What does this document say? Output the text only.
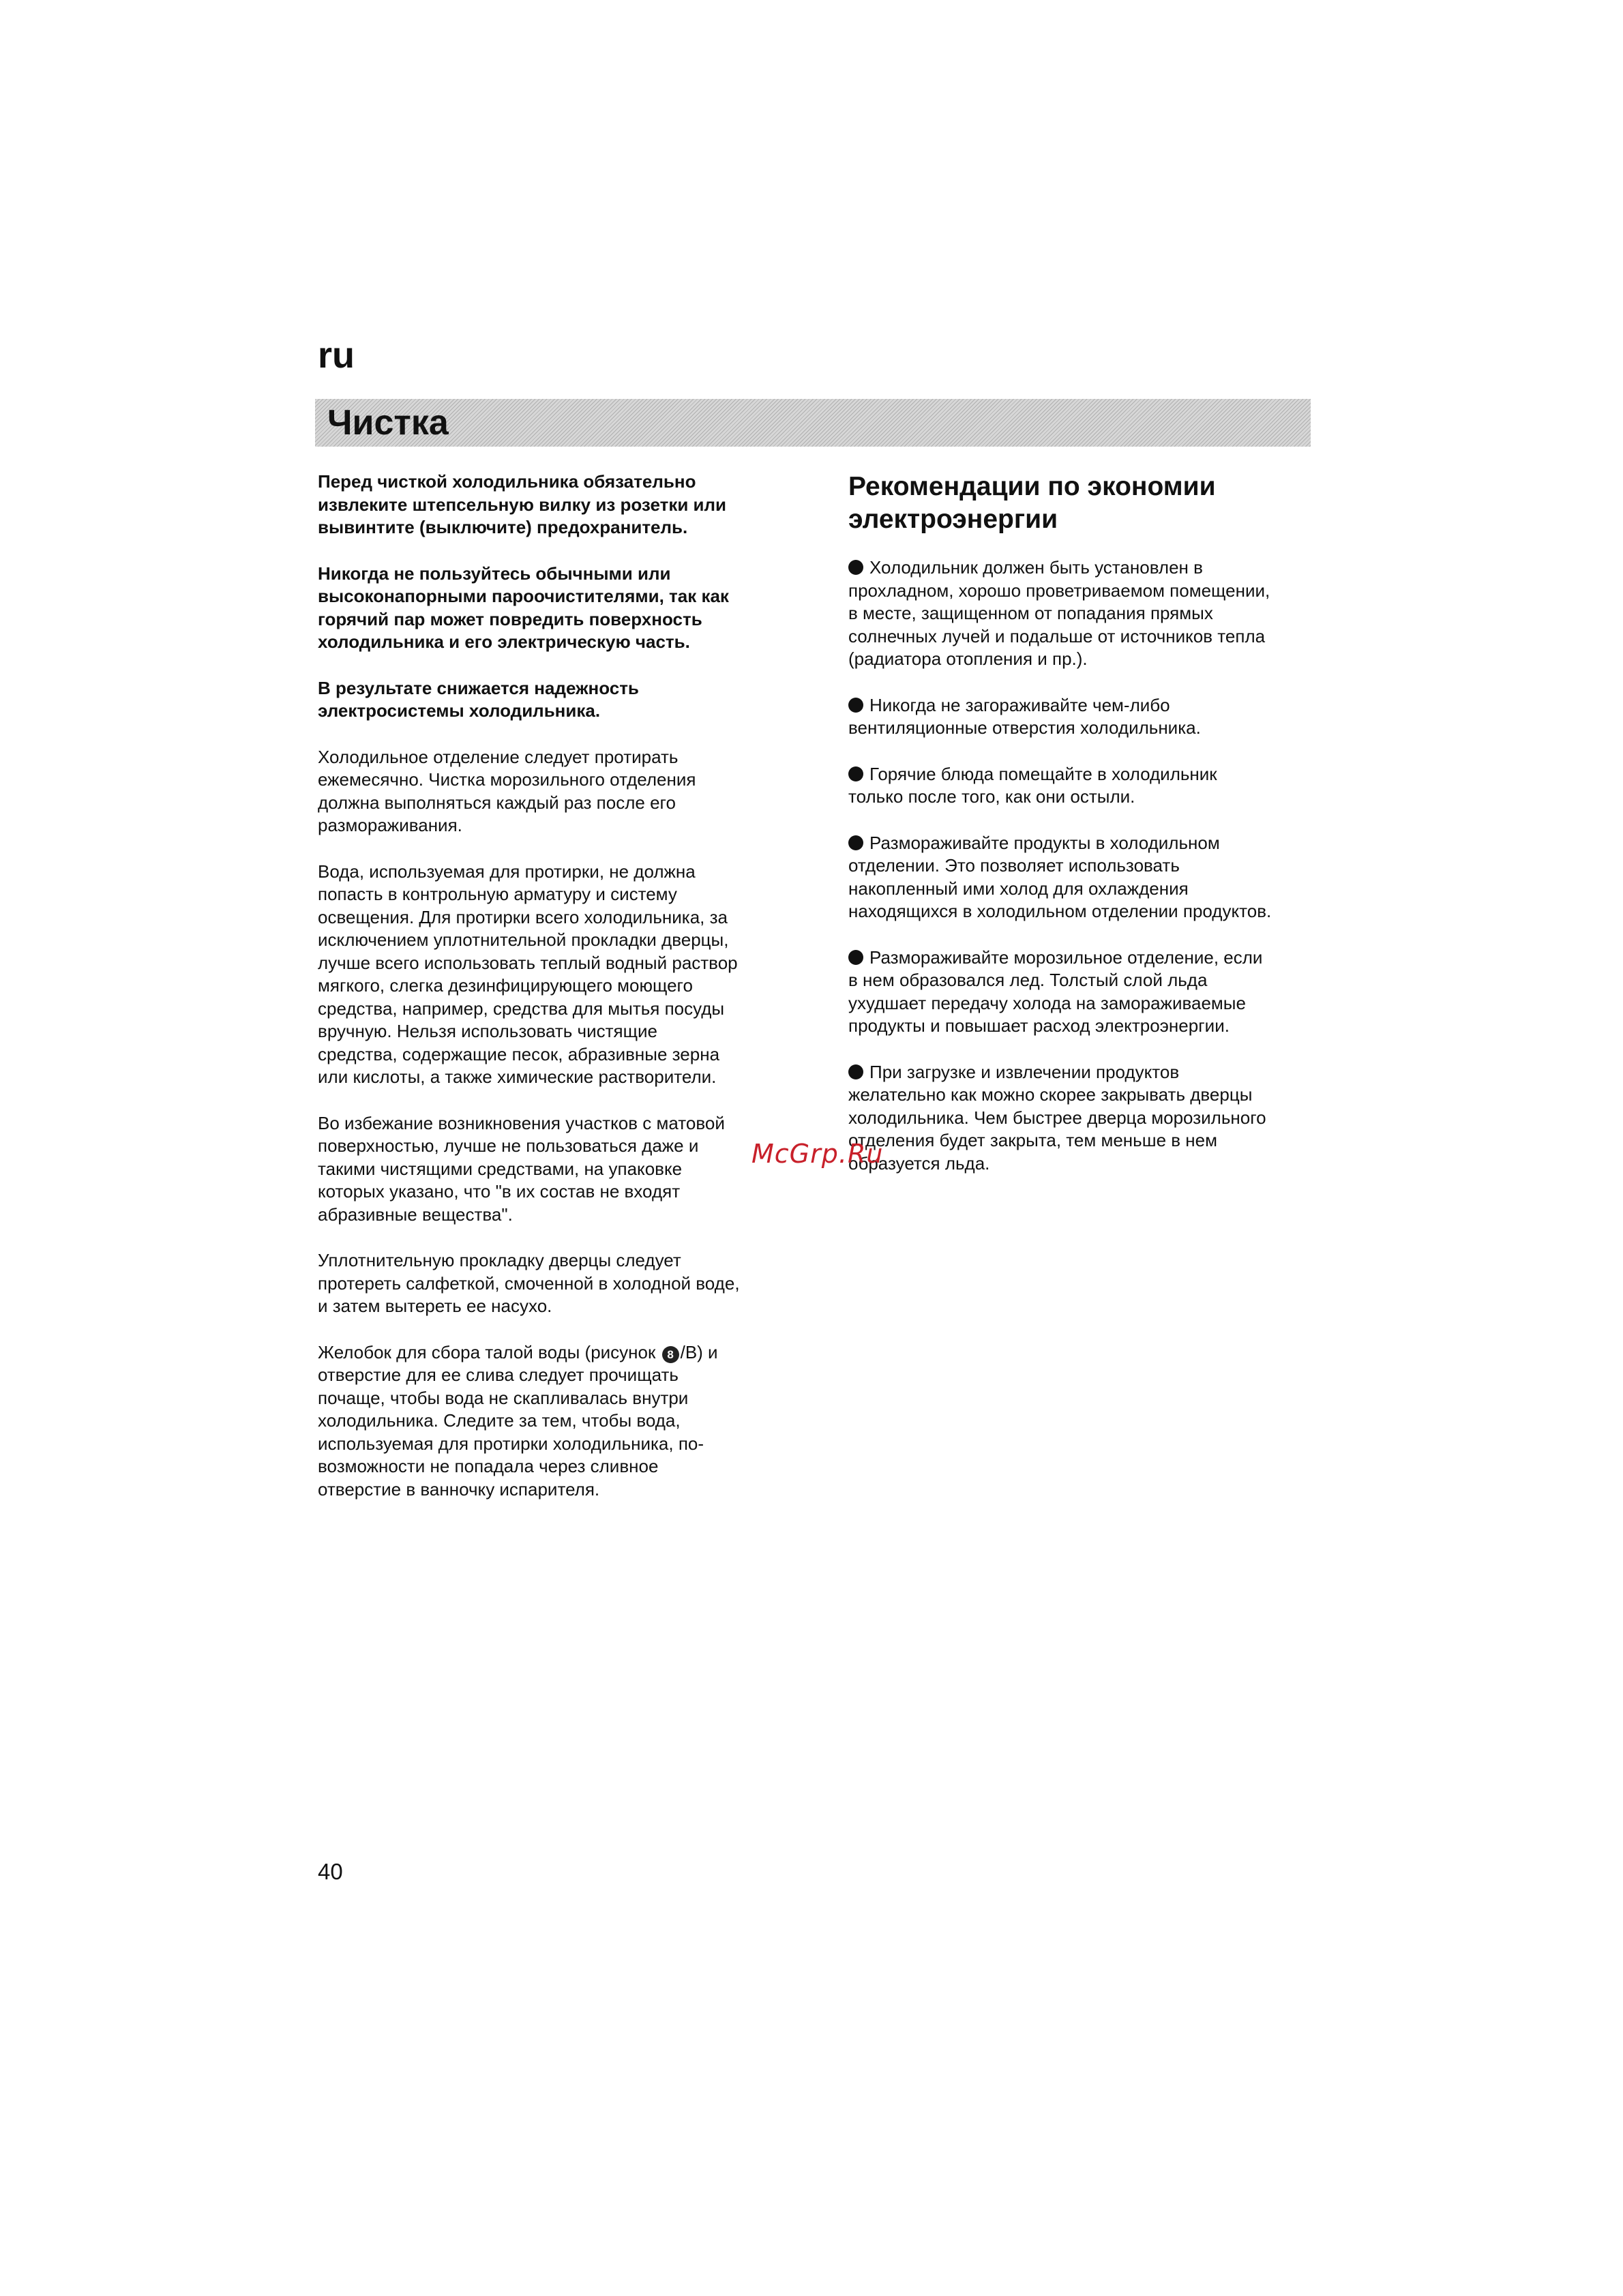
ru
Чистка

Перед чисткой холодильника обязательно
извлеките штепсельную вилку из розетки или
вывинтите (выключите) предохранитель.

Никогда не пользуйтесь обычными или
высоконапорными пароочистителями, так как
горячий пар может повредить поверхность
холодильника и его электрическую часть.

В результате снижается надежность
электросистемы холодильника.

Холодильное отделение следует протирать
ежемесячно. Чистка морозильного отделения
должна выполняться каждый раз после его
размораживания.

Вода, используемая для протирки, не должна
попасть в контрольную арматуру и систему
освещения. Для протирки всего холодильника, за
исключением уплотнительной прокладки дверцы,
лучше всего использовать теплый водный раствор
мягкого, слегка дезинфицирующего моющего
средства, например, средства для мытья посуды
вручную. Нельзя использовать чистящие
средства, содержащие песок, абразивные зерна
или кислоты, а также химические растворители.

Во избежание возникновения участков с матовой
поверхностью, лучше не пользоваться даже и
такими чистящими средствами, на упаковке
которых указано, что "в их состав не входят
абразивные вещества".

Уплотнительную прокладку дверцы следует
протереть салфеткой, смоченной в холодной воде,
и затем вытереть ее насухо.

Желобок для сбора талой воды (рисунок 8 /B) и
отверстие для ее слива следует прочищать
почаще, чтобы вода не скапливалась внутри
холодильника. Следите за тем, чтобы вода,
используемая для протирки холодильника, по-
возможности не попадала через сливное
отверстие в ванночку испарителя.

Рекомендации по экономии
электроэнергии
Холодильник должен быть установлен в
прохладном, хорошо проветриваемом помещении,
в месте, защищенном от попадания прямых
солнечных лучей и подальше от источников тепла
(радиатора отопления и пр.).
Никогда не загораживайте чем-либо
вентиляционные отверстия холодильника.
Горячие блюда помещайте в холодильник
только после того, как они остыли.
Размораживайте продукты в холодильном
отделении. Это позволяет использовать
накопленный ими холод для охлаждения
находящихся в холодильном отделении продуктов.
Размораживайте морозильное отделение, если
в нем образовался лед. Толстый слой льда
ухудшает передачу холода на замораживаемые
продукты и повышает расход электроэнергии.
При загрузке и извлечении продуктов
желательно как можно скорее закрывать дверцы
холодильника. Чем быстрее дверца морозильного
отделения будет закрыта, тем меньше в нем
образуется льда.
McGrp.Ru
40
